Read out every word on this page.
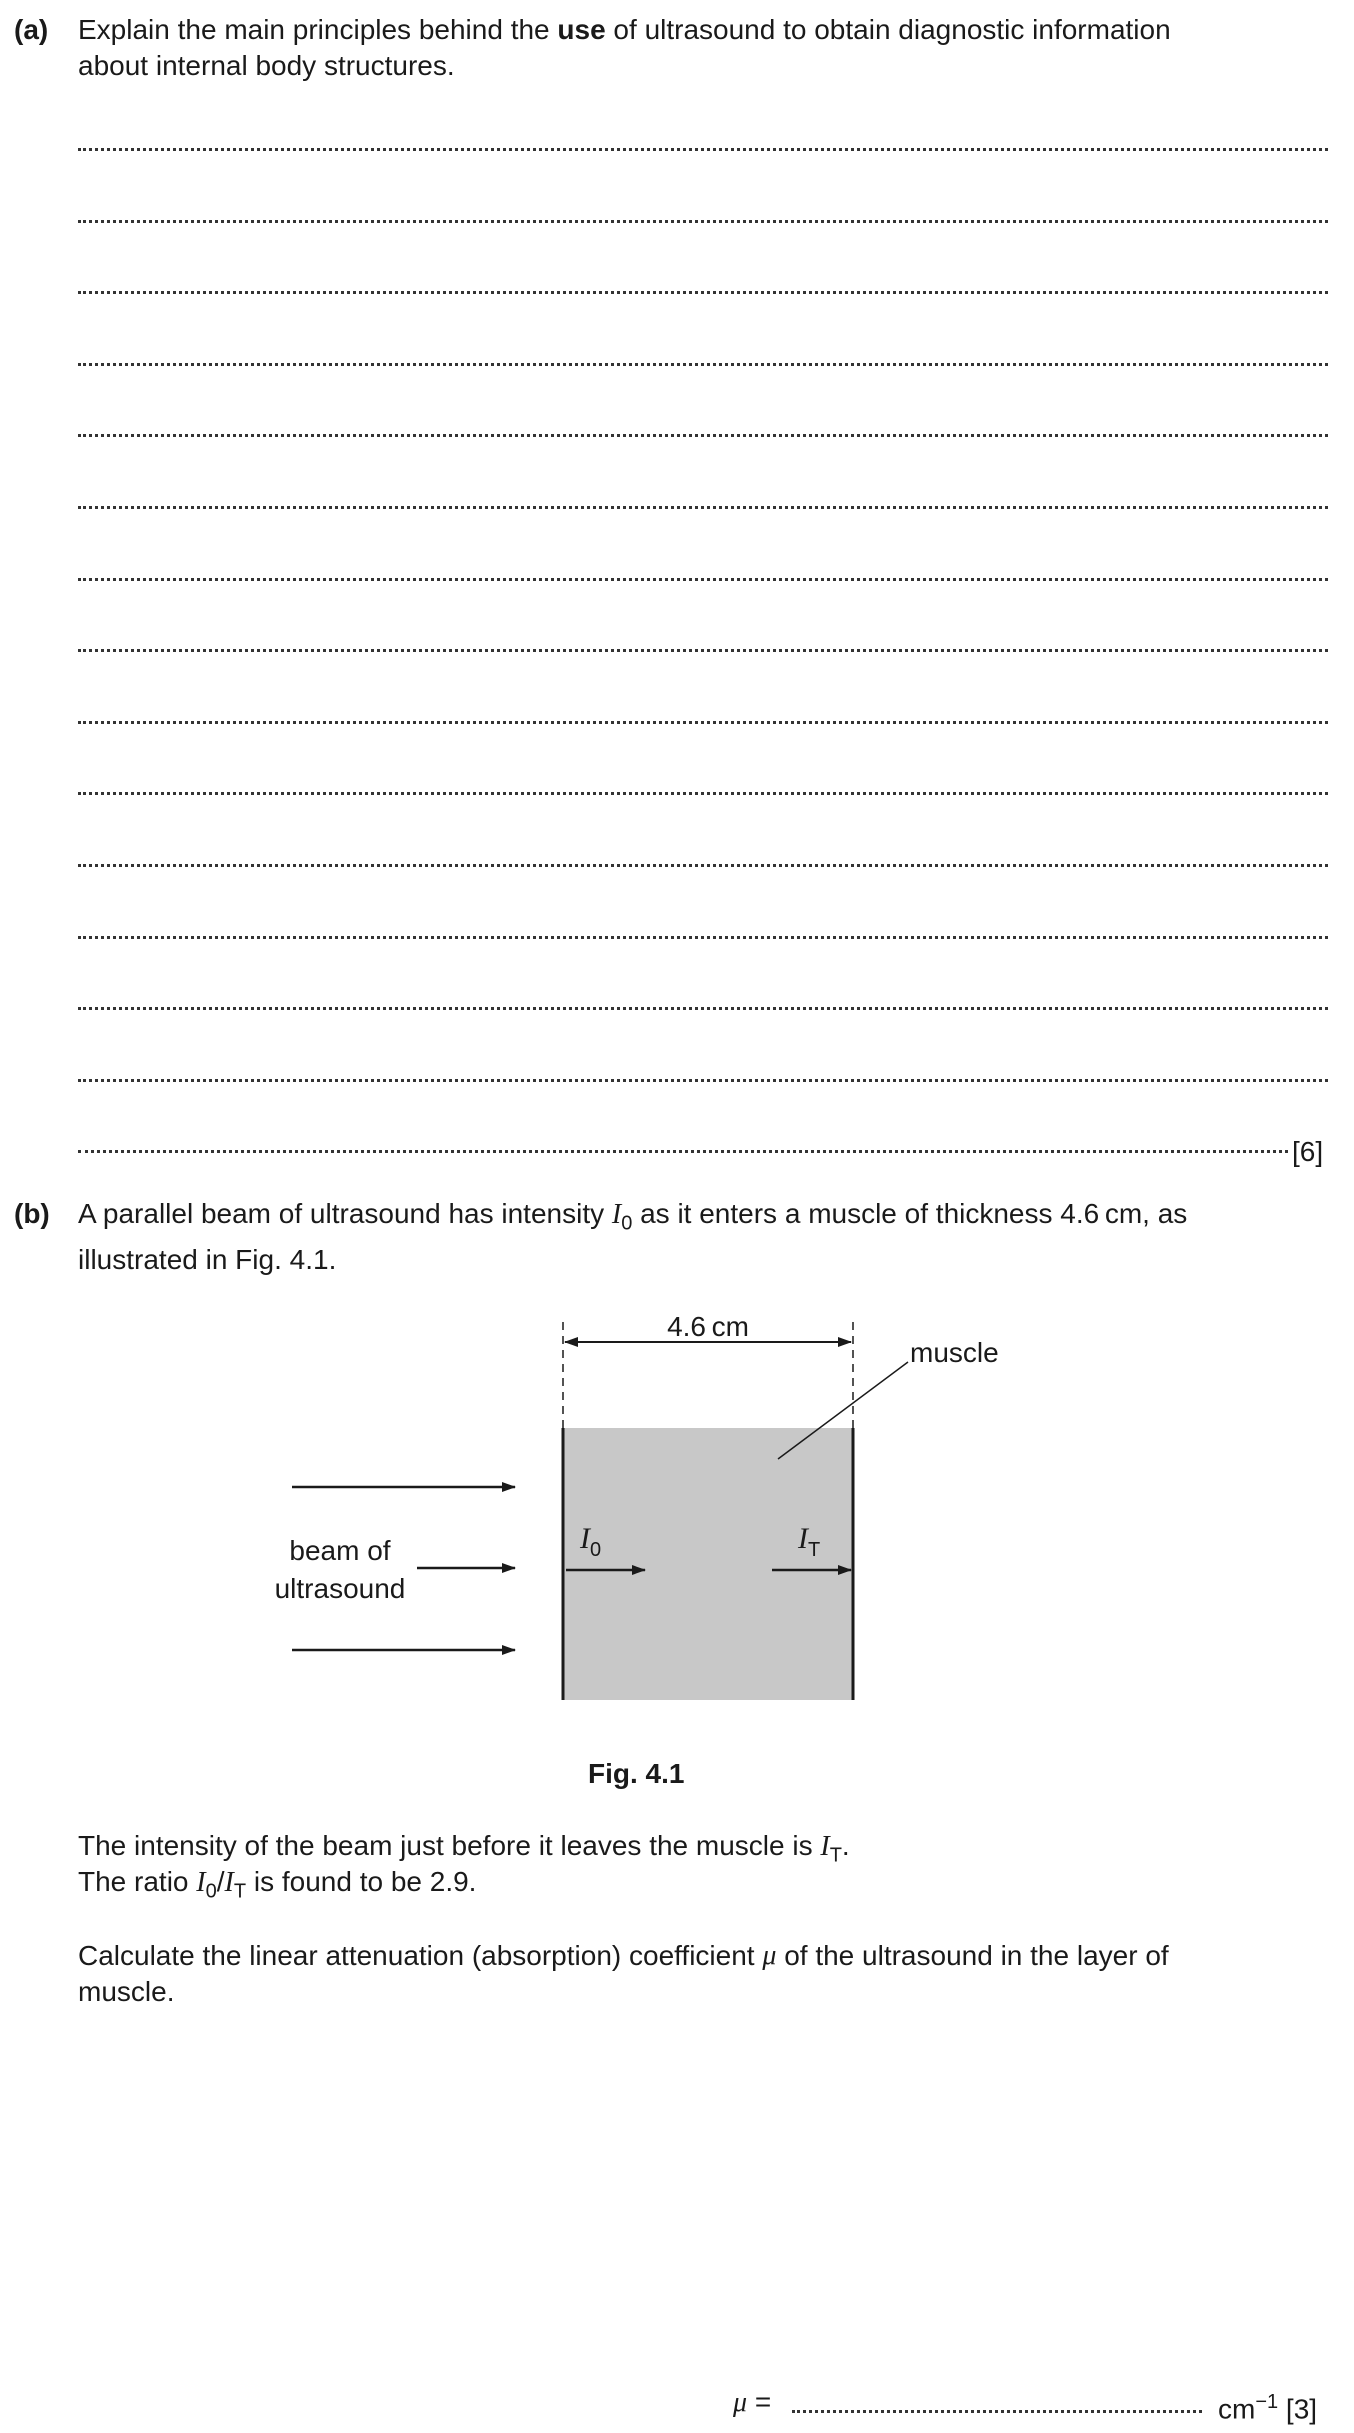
(a) Explain the main principles behind the use of ultrasound to obtain diagnostic information
about internal body structures.
[6]
(b) A parallel beam of ultrasound has intensity $I_0$ as it enters a muscle of thickness 4.6 cm, as
illustrated in Fig. 4.1.
4.6 cm
muscle
beam of
ultrasound
I0	IT
Fig. 4.1
The intensity of the beam just before it leaves the muscle is $I_T$.
The ratio $I_0/I_T$ is found to be 2.9.
Calculate the linear attenuation (absorption) coefficient μ of the ultrasound in the layer of
muscle.
μ =	$cm^{-1}$ [3]
